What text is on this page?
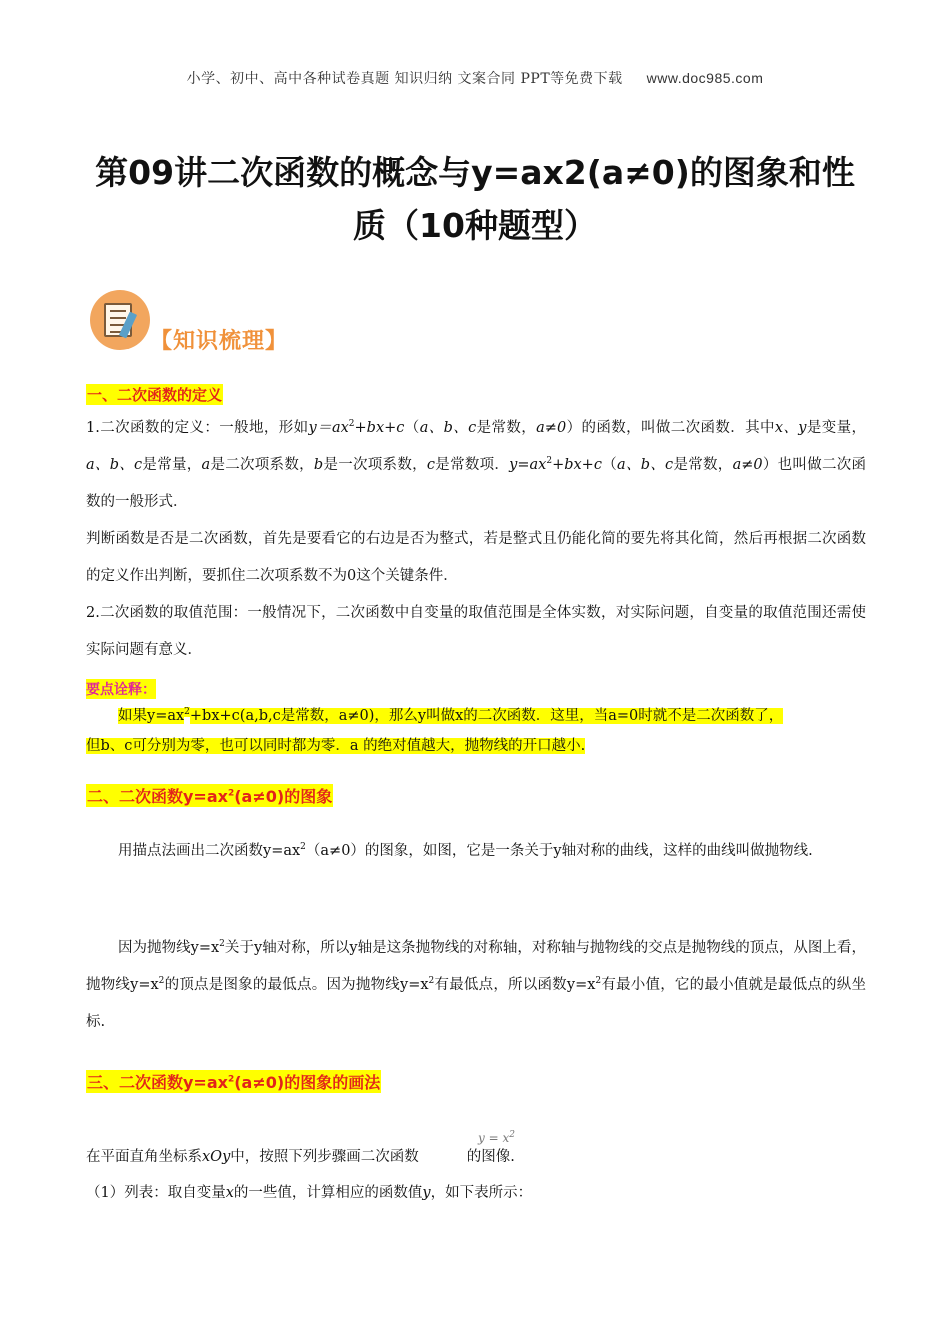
小学、初中、高中各种试卷真题 知识归纳 文案合同 PPT等免费下载 www.doc985.com
第09讲二次函数的概念与y=ax2(a≠0)的图象和性
质（10种题型）
【知识梳理】
一、二次函数的定义
1.二次函数的定义：一般地，形如$y=ax^2+bx+c(a$、b、c是常数，a≠0）的函数，叫做二次函数．其中x、y是变量，a、b、c是常量，a是二次项系数，b是一次项系数，c是常数项．$y=ax^2+bx+c(a$、b、c是常数，a≠0）也叫做二次函数的一般形式．
判断函数是否是二次函数，首先是要看它的右边是否为整式，若是整式且仍能化简的要先将其化简，然后再根据二次函数的定义作出判断，要抓住二次项系数不为0这个关键条件．
2.二次函数的取值范围：一般情况下，二次函数中自变量的取值范围是全体实数，对实际问题，自变量的取值范围还需使实际问题有意义．
要点诠释：
如果$y=ax^2+bx+c(a,b,c$是常数，a≠0)，那么y叫做x的二次函数．这里，当a=0时就不是二次函数了，
但b、c可分别为零，也可以同时都为零．a 的绝对值越大，抛物线的开口越小.
二、二次函数$y=ax^2(a\ne 0)$的图象
用描点法画出二次函数$y=ax^2(a\ne 0)$的图象，如图，它是一条关于y轴对称的曲线，这样的曲线叫做抛物线.
因为抛物线$y=x^2$关于y轴对称，所以y轴是这条抛物线的对称轴，对称轴与抛物线的交点是抛物线的顶点，从图上看，抛物线$y=x^2$的顶点是图象的最低点。因为抛物线$y=x^2$有最低点，所以函数$y=x^2$有最小值，它的最小值就是最低点的纵坐标.
三、二次函数$y=ax^2(a\ne 0)$的图象的画法
$y = x^2$
在平面直角坐标系xOy中，按照下列步骤画二次函数	的图像.
（1）列表：取自变量x的一些值，计算相应的函数值y，如下表所示：
